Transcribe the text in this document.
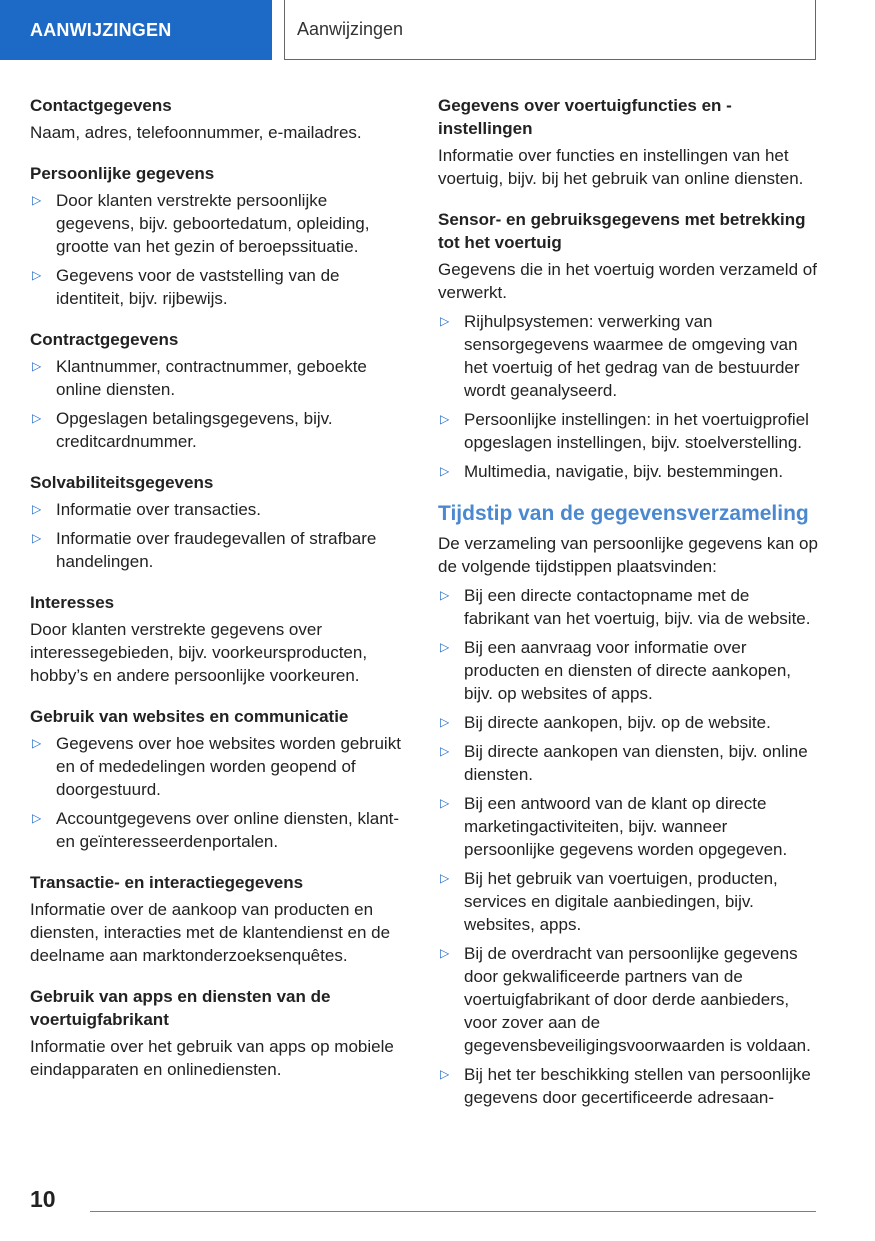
AANWIJZINGEN	Aanwijzingen
Contactgegevens
Naam, adres, telefoonnummer, e-mailadres.
Persoonlijke gegevens
▷ Door klanten verstrekte persoonlijke gegevens, bijv. geboortedatum, opleiding, grootte van het gezin of beroepssituatie.
▷ Gegevens voor de vaststelling van de identiteit, bijv. rijbewijs.
Contractgegevens
▷ Klantnummer, contractnummer, geboekte online diensten.
▷ Opgeslagen betalingsgegevens, bijv. creditcardnummer.
Solvabiliteitsgegevens
▷ Informatie over transacties.
▷ Informatie over fraudegevallen of strafbare handelingen.
Interesses
Door klanten verstrekte gegevens over interessegebieden, bijv. voorkeursproducten, hobby’s en andere persoonlijke voorkeuren.
Gebruik van websites en communicatie
▷ Gegevens over hoe websites worden gebruikt en of mededelingen worden geopend of doorgestuurd.
▷ Accountgegevens over online diensten, klant- en geïnteresseerdenportalen.
Transactie- en interactiegegevens
Informatie over de aankoop van producten en diensten, interacties met de klantendienst en de deelname aan marktonderzoeksenquêtes.
Gebruik van apps en diensten van de voertuigfabrikant
Informatie over het gebruik van apps op mobiele eindapparaten en onlinediensten.
Gegevens over voertuigfuncties en -instellingen
Informatie over functies en instellingen van het voertuig, bijv. bij het gebruik van online diensten.
Sensor- en gebruiksgegevens met betrekking tot het voertuig
Gegevens die in het voertuig worden verzameld of verwerkt.
▷ Rijhulpsystemen: verwerking van sensorgegevens waarmee de omgeving van het voertuig of het gedrag van de bestuurder wordt geanalyseerd.
▷ Persoonlijke instellingen: in het voertuigprofiel opgeslagen instellingen, bijv. stoelverstelling.
▷ Multimedia, navigatie, bijv. bestemmingen.
Tijdstip van de gegevensverzameling
De verzameling van persoonlijke gegevens kan op de volgende tijdstippen plaatsvinden:
▷ Bij een directe contactopname met de fabrikant van het voertuig, bijv. via de website.
▷ Bij een aanvraag voor informatie over producten en diensten of directe aankopen, bijv. op websites of apps.
▷ Bij directe aankopen, bijv. op de website.
▷ Bij directe aankopen van diensten, bijv. online diensten.
▷ Bij een antwoord van de klant op directe marketingactiviteiten, bijv. wanneer persoonlijke gegevens worden opgegeven.
▷ Bij het gebruik van voertuigen, producten, services en digitale aanbiedingen, bijv. websites, apps.
▷ Bij de overdracht van persoonlijke gegevens door gekwalificeerde partners van de voertuigfabrikant of door derde aanbieders, voor zover aan de gegevensbeveiligingsvoorwaarden is voldaan.
▷ Bij het ter beschikking stellen van persoonlijke gegevens door gecertificeerde adresaan-
10
